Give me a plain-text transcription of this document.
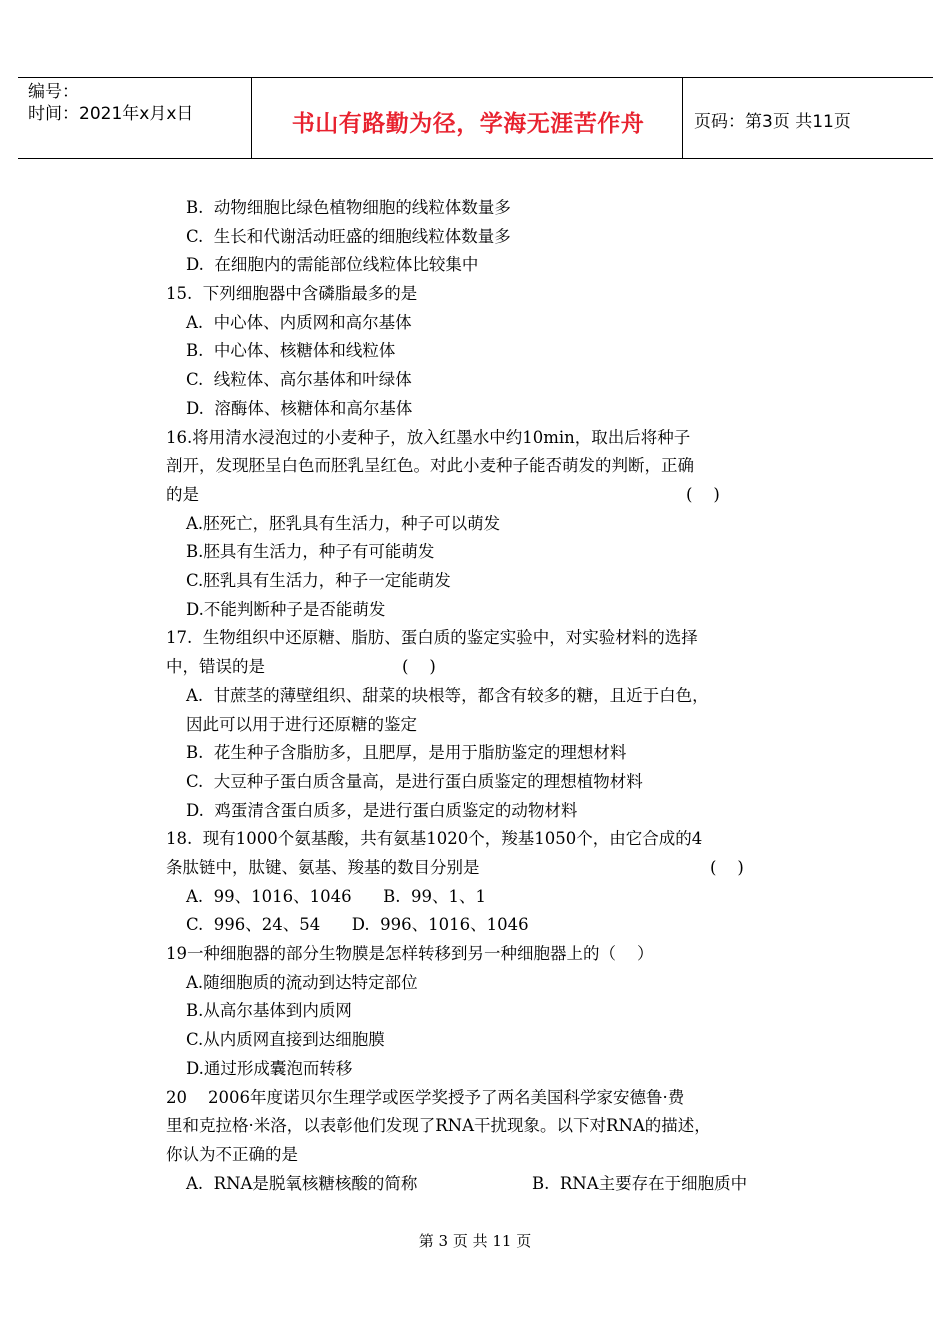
编号：
时间：2021年x月x日	书山有路勤为径，学海无涯苦作舟	页码：第3页 共11页
B.  动物细胞比绿色植物细胞的线粒体数量多
C.  生长和代谢活动旺盛的细胞线粒体数量多
D.  在细胞内的需能部位线粒体比较集中
15.  下列细胞器中含磷脂最多的是
A.  中心体、内质网和高尔基体
B.  中心体、核糖体和线粒体
C.  线粒体、高尔基体和叶绿体
D.  溶酶体、核糖体和高尔基体
16.将用清水浸泡过的小麦种子，放入红墨水中约10min，取出后将种子
剖开，发现胚呈白色而胚乳呈红色。对此小麦种子能否萌发的判断，正确
的是	(    )
A.胚死亡，胚乳具有生活力，种子可以萌发
B.胚具有生活力，种子有可能萌发
C.胚乳具有生活力，种子一定能萌发
D.不能判断种子是否能萌发
17.  生物组织中还原糖、脂肪、蛋白质的鉴定实验中，对实验材料的选择
中，错误的是	(    )
A.  甘蔗茎的薄壁组织、甜菜的块根等，都含有较多的糖，且近于白色，
因此可以用于进行还原糖的鉴定
B.  花生种子含脂肪多，且肥厚，是用于脂肪鉴定的理想材料
C.  大豆种子蛋白质含量高，是进行蛋白质鉴定的理想植物材料
D.  鸡蛋清含蛋白质多，是进行蛋白质鉴定的动物材料
18.  现有1000个氨基酸，共有氨基1020个，羧基1050个，由它合成的4
条肽链中，肽键、氨基、羧基的数目分别是	(    )
A.  99、1016、1046      B.  99、1、1
C.  996、24、54      D.  996、1016、1046
19一种细胞器的部分生物膜是怎样转移到另一种细胞器上的（    ）
A.随细胞质的流动到达特定部位
B.从高尔基体到内质网
C.从内质网直接到达细胞膜
D.通过形成囊泡而转移
20    2006年度诺贝尔生理学或医学奖授予了两名美国科学家安德鲁·费
里和克拉格·米洛，以表彰他们发现了RNA干扰现象。以下对RNA的描述，
你认为不正确的是
A.  RNA是脱氧核糖核酸的简称	B.  RNA主要存在于细胞质中
第 3 页 共 11 页
